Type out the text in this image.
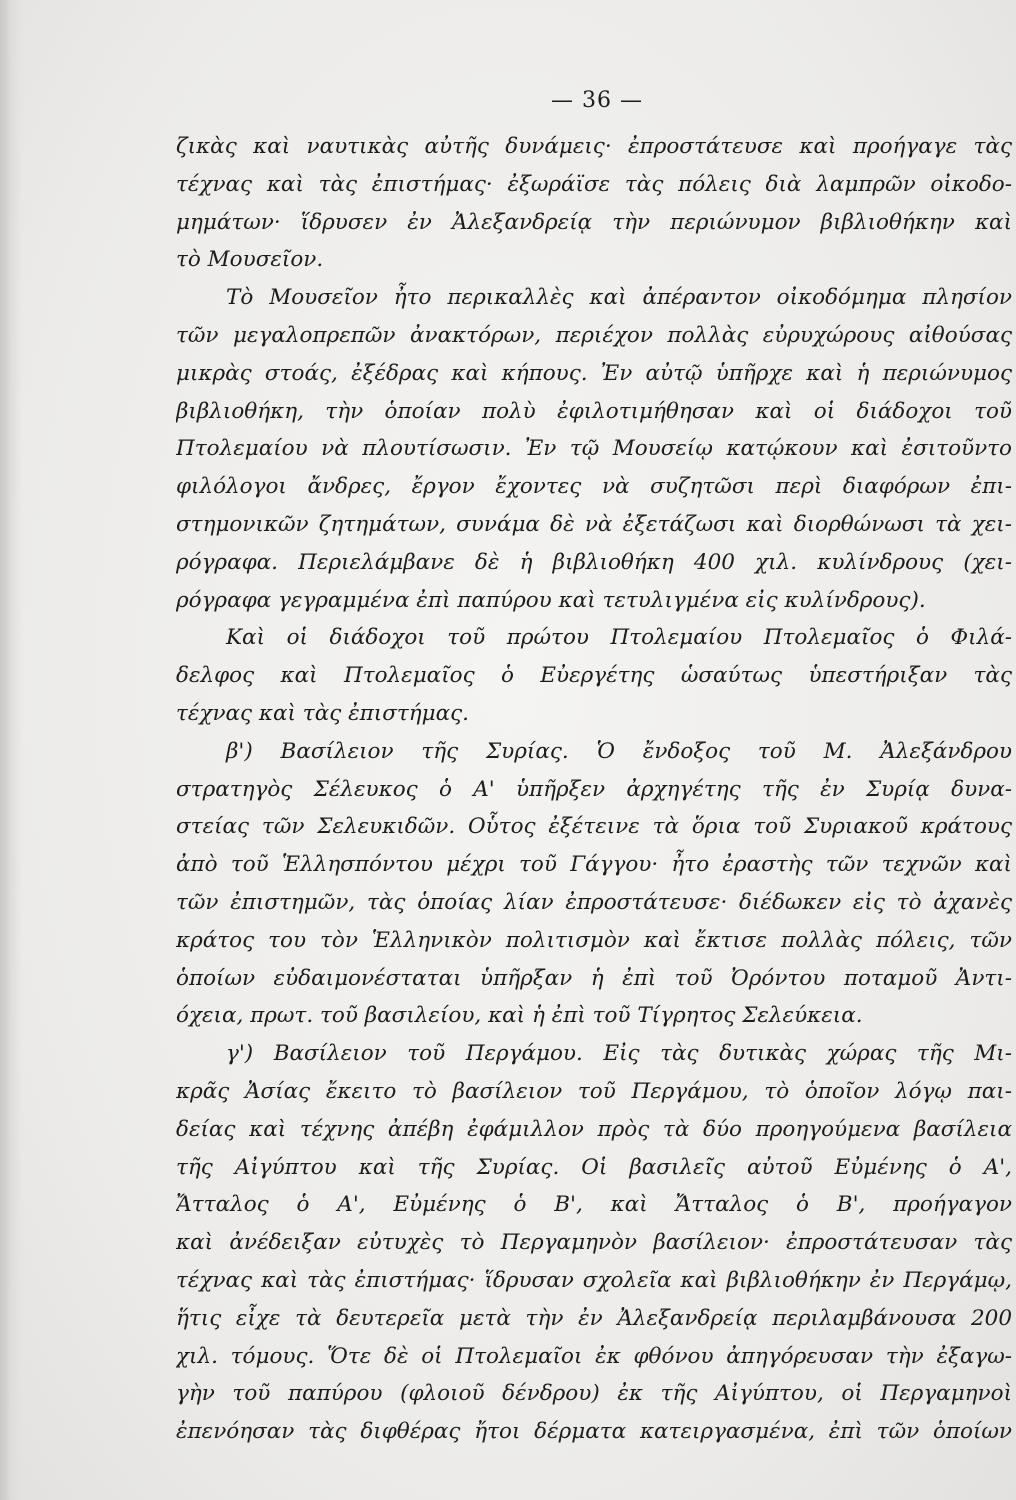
— 36 —
ζικὰς καὶ ναυτικὰς αὐτῆς δυνάμεις· ἐπροστάτευσε καὶ προήγαγε τὰς
τέχνας καὶ τὰς ἐπιστήμας· ἐξωράϊσε τὰς πόλεις διὰ λαμπρῶν οἰκοδο-
μημάτων· ἵδρυσεν ἐν Ἀλεξανδρείᾳ τὴν περιώνυμον βιβλιοθήκην καὶ
τὸ Μουσεῖον.
Τὸ Μουσεῖον ἦτο περικαλλὲς καὶ ἀπέραντον οἰκοδόμημα πλησίον
τῶν μεγαλοπρεπῶν ἀνακτόρων, περιέχον πολλὰς εὐρυχώρους αἰθούσας
μικρὰς στοάς, ἐξέδρας καὶ κήπους. Ἐν αὐτῷ ὑπῆρχε καὶ ἡ περιώνυμος
βιβλιοθήκη, τὴν ὁποίαν πολὺ ἐφιλοτιμήθησαν καὶ οἱ διάδοχοι τοῦ
Πτολεμαίου νὰ πλουτίσωσιν. Ἐν τῷ Μουσείῳ κατῴκουν καὶ ἐσιτοῦντο
φιλόλογοι ἄνδρες, ἔργον ἔχοντες νὰ συζητῶσι περὶ διαφόρων ἐπι-
στημονικῶν ζητημάτων, συνάμα δὲ νὰ ἐξετάζωσι καὶ διορθώνωσι τὰ χει-
ρόγραφα. Περιελάμβανε δὲ ἡ βιβλιοθήκη 400 χιλ. κυλίνδρους (χει-
ρόγραφα γεγραμμένα ἐπὶ παπύρου καὶ τετυλιγμένα εἰς κυλίνδρους).
Καὶ οἱ διάδοχοι τοῦ πρώτου Πτολεμαίου Πτολεμαῖος ὁ Φιλά-
δελφος καὶ Πτολεμαῖος ὁ Εὐεργέτης ὡσαύτως ὑπεστήριξαν τὰς
τέχνας καὶ τὰς ἐπιστήμας.
β') Βασίλειον τῆς Συρίας. Ὁ ἔνδοξος τοῦ Μ. Ἀλεξάνδρου
στρατηγὸς Σέλευκος ὁ Α' ὑπῆρξεν ἀρχηγέτης τῆς ἐν Συρίᾳ δυνα-
στείας τῶν Σελευκιδῶν. Οὗτος ἐξέτεινε τὰ ὅρια τοῦ Συριακοῦ κράτους
ἀπὸ τοῦ Ἑλλησπόντου μέχρι τοῦ Γάγγου· ἦτο ἐραστὴς τῶν τεχνῶν καὶ
τῶν ἐπιστημῶν, τὰς ὁποίας λίαν ἐπροστάτευσε· διέδωκεν εἰς τὸ ἀχανὲς
κράτος του τὸν Ἑλληνικὸν πολιτισμὸν καὶ ἔκτισε πολλὰς πόλεις, τῶν
ὁποίων εὐδαιμονέσταται ὑπῆρξαν ἡ ἐπὶ τοῦ Ὀρόντου ποταμοῦ Ἀντι-
όχεια, πρωτ. τοῦ βασιλείου, καὶ ἡ ἐπὶ τοῦ Τίγρητος Σελεύκεια.
γ') Βασίλειον τοῦ Περγάμου. Εἰς τὰς δυτικὰς χώρας τῆς Μι-
κρᾶς Ἀσίας ἔκειτο τὸ βασίλειον τοῦ Περγάμου, τὸ ὁποῖον λόγῳ παι-
δείας καὶ τέχνης ἀπέβη ἐφάμιλλον πρὸς τὰ δύο προηγούμενα βασίλεια
τῆς Αἰγύπτου καὶ τῆς Συρίας. Οἱ βασιλεῖς αὐτοῦ Εὐμένης ὁ Α',
Ἄτταλος ὁ Α', Εὐμένης ὁ Β', καὶ Ἄτταλος ὁ Β', προήγαγον
καὶ ἀνέδειξαν εὐτυχὲς τὸ Περγαμηνὸν βασίλειον· ἐπροστάτευσαν τὰς
τέχνας καὶ τὰς ἐπιστήμας· ἵδρυσαν σχολεῖα καὶ βιβλιοθήκην ἐν Περγάμῳ,
ἥτις εἶχε τὰ δευτερεῖα μετὰ τὴν ἐν Ἀλεξανδρείᾳ περιλαμβάνουσα 200
χιλ. τόμους. Ὅτε δὲ οἱ Πτολεμαῖοι ἐκ φθόνου ἀπηγόρευσαν τὴν ἐξαγω-
γὴν τοῦ παπύρου (φλοιοῦ δένδρου) ἐκ τῆς Αἰγύπτου, οἱ Περγαμηνοὶ
ἐπενόησαν τὰς διφθέρας ἤτοι δέρματα κατειργασμένα, ἐπὶ τῶν ὁποίων
